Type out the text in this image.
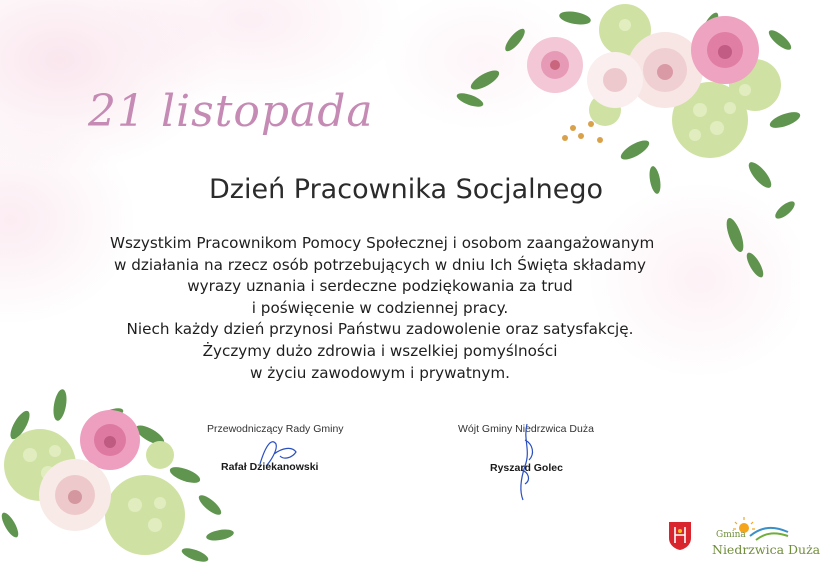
21 listopada
Dzień Pracownika Socjalnego
Wszystkim Pracownikom Pomocy Społecznej i osobom zaangażowanym
w działania na rzecz osób potrzebujących w dniu Ich Święta składamy
wyrazy uznania i serdeczne podziękowania za trud
i poświęcenie w codziennej pracy.
Niech każdy dzień przynosi Państwu zadowolenie oraz satysfakcję.
Życzymy dużo zdrowia i wszelkiej pomyślności
w życiu zawodowym i prywatnym.
Przewodniczący Rady Gminy
Rafał Dziekanowski
Wójt Gminy Niedrzwica Duża
Ryszard Golec
Gmina
Niedrzwica Duża
